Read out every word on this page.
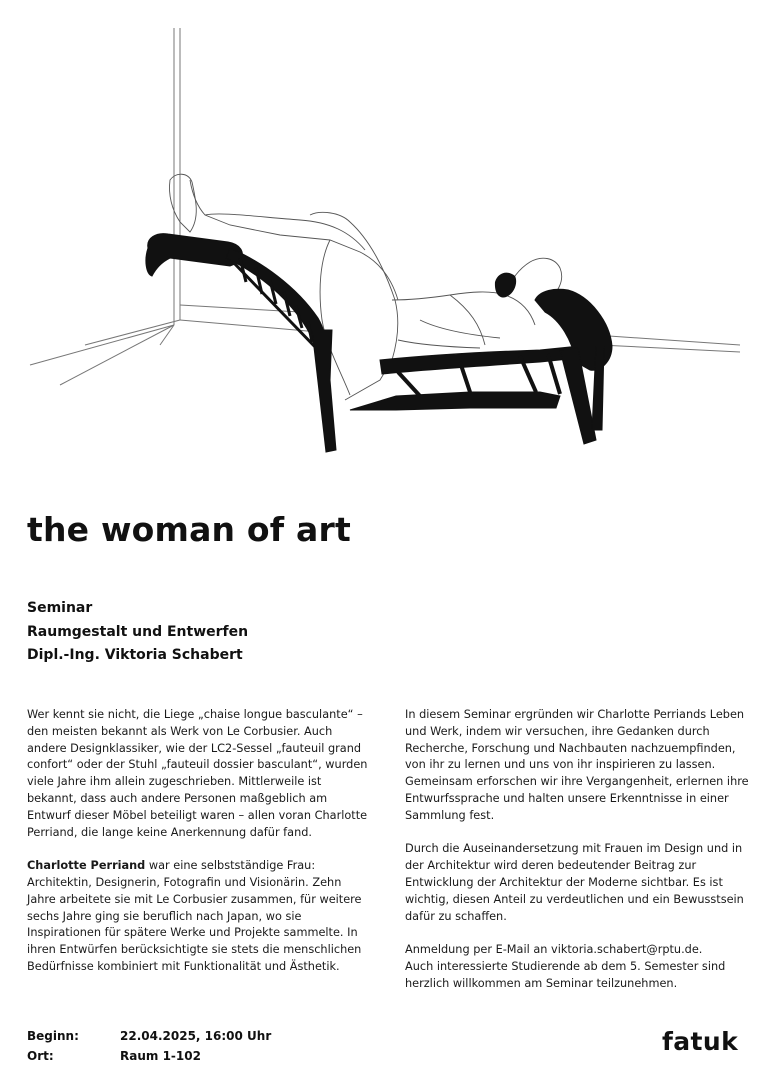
the woman of art
Seminar
Raumgestalt und Entwerfen
Dipl.-Ing. Viktoria Schabert

Wer kennt sie nicht, die Liege „chaise longue basculante“ – den meisten bekannt als Werk von Le Corbusier. Auch andere Designklassiker, wie der LC2-Sessel „fauteuil grand confort“ oder der Stuhl „fauteuil dossier basculant“, wurden viele Jahre ihm allein zugeschrieben. Mittlerweile ist bekannt, dass auch andere Personen maßgeblich am Entwurf dieser Möbel beteiligt waren – allen voran Charlotte Perriand, die lange keine Anerkennung dafür fand.

Charlotte Perriand war eine selbstständige Frau: Architektin, Designerin, Fotografin und Visionärin. Zehn Jahre arbeitete sie mit Le Corbusier zusammen, für weitere sechs Jahre ging sie beruflich nach Japan, wo sie Inspirationen für spätere Werke und Projekte sammelte. In ihren Entwürfen berücksichtigte sie stets die menschlichen Bedürfnisse kombiniert mit Funktionalität und Ästhetik.

In diesem Seminar ergründen wir Charlotte Perriands Leben und Werk, indem wir versuchen, ihre Gedanken durch Recherche, Forschung und Nachbauten nachzuempfinden, von ihr zu lernen und uns von ihr inspirieren zu lassen. Gemeinsam erforschen wir ihre Vergangenheit, erlernen ihre Entwurfssprache und halten unsere Erkenntnisse in einer Sammlung fest.

Durch die Auseinandersetzung mit Frauen im Design und in der Architektur wird deren bedeutender Beitrag zur Entwicklung der Architektur der Moderne sichtbar. Es ist wichtig, diesen Anteil zu verdeutlichen und ein Bewusstsein dafür zu schaffen.

Anmeldung per E-Mail an viktoria.schabert@rptu.de.
Auch interessierte Studierende ab dem 5. Semester sind herzlich willkommen am Seminar teilzunehmen.

Beginn:	22.04.2025, 16:00 Uhr
Ort:	Raum 1-102	fatuk
